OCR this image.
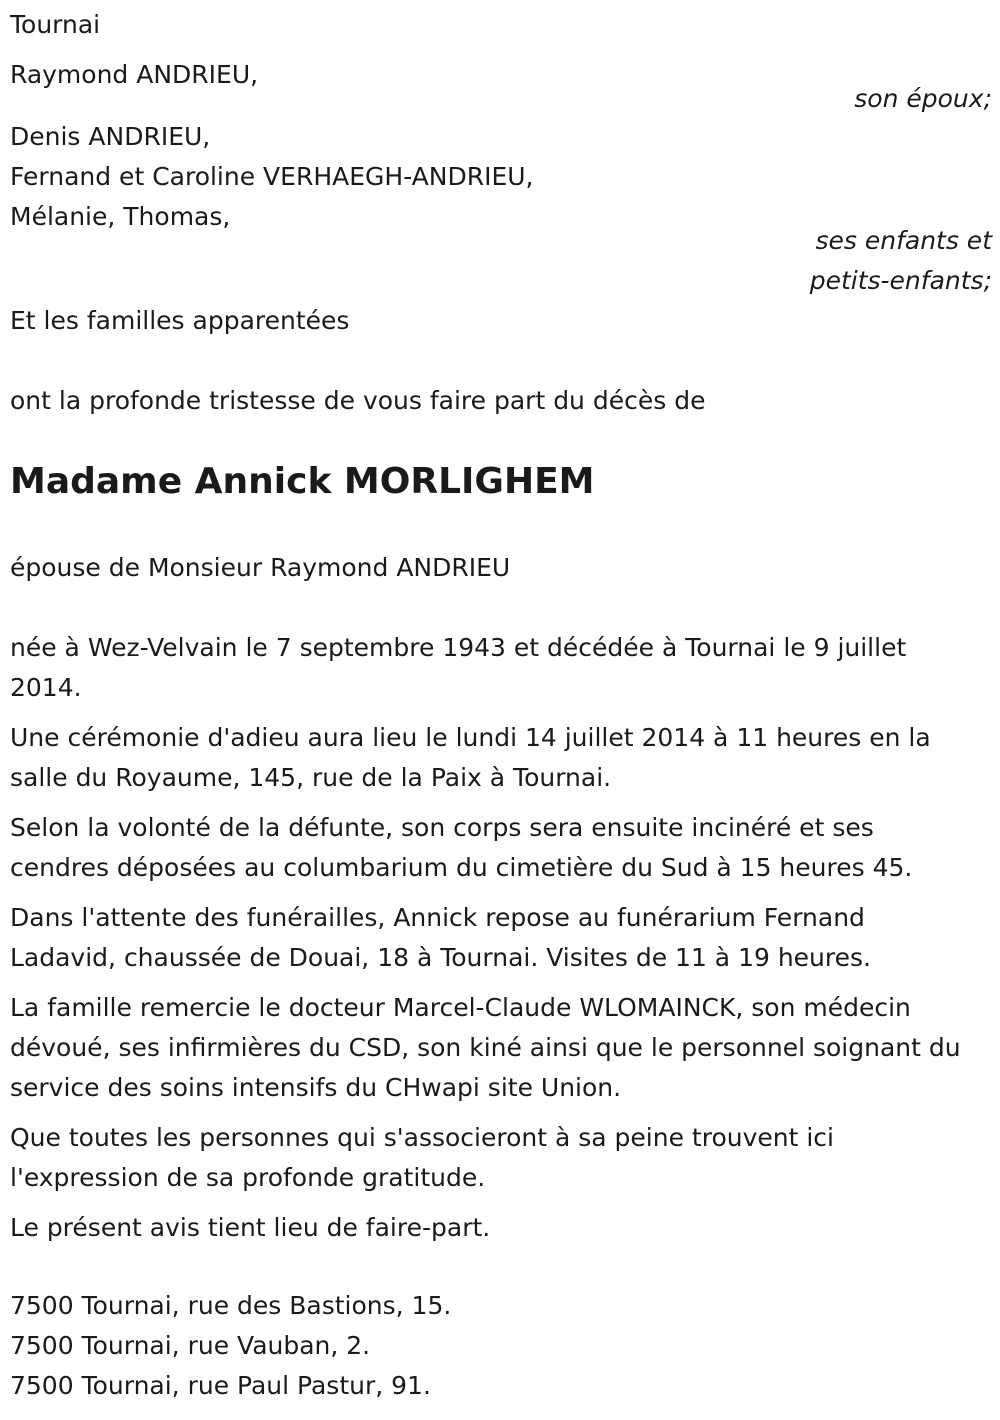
Tournai

Raymond ANDRIEU,

son époux;

Denis ANDRIEU,

Fernand et Caroline VERHAEGH-ANDRIEU,

Mélanie, Thomas,

ses enfants et

petits-enfants;

Et les familles apparentées

ont la profonde tristesse de vous faire part du décès de

Madame Annick MORLIGHEM

épouse de Monsieur Raymond ANDRIEU

née à Wez-Velvain le 7 septembre 1943 et décédée à Tournai le 9 juillet 2014.

Une cérémonie d'adieu aura lieu le lundi 14 juillet 2014 à 11 heures en la salle du Royaume, 145, rue de la Paix à Tournai.

Selon la volonté de la défunte, son corps sera ensuite incinéré et ses cendres déposées au columbarium du cimetière du Sud à 15 heures 45.

Dans l'attente des funérailles, Annick repose au funérarium Fernand Ladavid, chaussée de Douai, 18 à Tournai. Visites de 11 à 19 heures.

La famille remercie le docteur Marcel-Claude WLOMAINCK, son médecin dévoué, ses infirmières du CSD, son kiné ainsi que le personnel soignant du service des soins intensifs du CHwapi site Union.

Que toutes les personnes qui s'associeront à sa peine trouvent ici l'expression de sa profonde gratitude.

Le présent avis tient lieu de faire-part.

7500 Tournai, rue des Bastions, 15.

7500 Tournai, rue Vauban, 2.

7500 Tournai, rue Paul Pastur, 91.
